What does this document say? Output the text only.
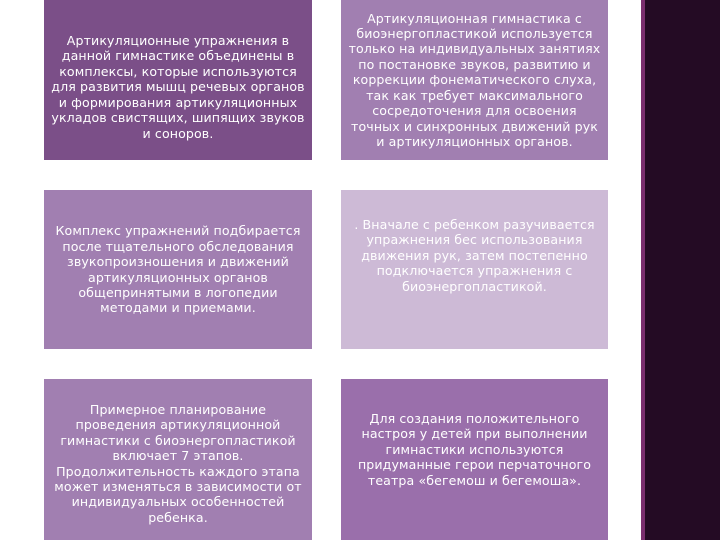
Артикуляционные упражнения в данной гимнастике объединены в комплексы, которые используются для развития мышц речевых органов и формирования артикуляционных укладов свистящих, шипящих звуков и соноров.
Артикуляционная гимнастика с биоэнергопластикой используется только на индивидуальных занятиях по постановке звуков, развитию и коррекции фонематического слуха, так как требует максимального сосредоточения для освоения точных и синхронных движений рук и артикуляционных органов.
Комплекс упражнений подбирается после тщательного обследования звукопроизношения и движений артикуляционных органов общепринятыми в логопедии методами и приемами.
. Вначале с ребенком разучивается упражнения бес использования движения рук, затем постепенно подключается упражнения с биоэнергопластикой.
Примерное планирование проведения артикуляционной гимнастики с биоэнергопластикой включает 7 этапов. Продолжительность каждого этапа может изменяться в зависимости от индивидуальных особенностей ребенка.
Для создания положительного настроя у детей при выполнении гимнастики используются придуманные герои перчаточного театра «бегемош и бегемоша».
